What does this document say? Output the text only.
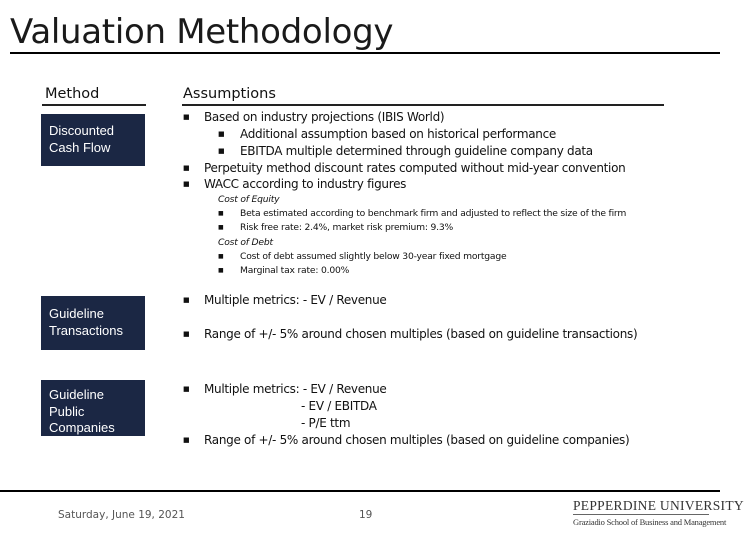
Valuation Methodology
Method	Assumptions
Discounted
Cash Flow
Guideline
Transactions
Guideline
Public
Companies
■ Based on industry projections (IBIS World)
■ Additional assumption based on historical performance
■ EBITDA multiple determined through guideline company data
■ Perpetuity method discount rates computed without mid-year convention
■ WACC according to industry figures
Cost of Equity
■ Beta estimated according to benchmark firm and adjusted to reflect the size of the firm
■ Risk free rate: 2.4%, market risk premium: 9.3%
Cost of Debt
■ Cost of debt assumed slightly below 30-year fixed mortgage
■ Marginal tax rate: 0.00%
■ Multiple metrics: - EV / Revenue
■ Range of +/- 5% around chosen multiples (based on guideline transactions)
■ Multiple metrics: - EV / Revenue
- EV / EBITDA
- P/E ttm
■ Range of +/- 5% around chosen multiples (based on guideline companies)
Saturday, June 19, 2021	19
PEPPERDINE UNIVERSITY
Graziadio School of Business and Management
